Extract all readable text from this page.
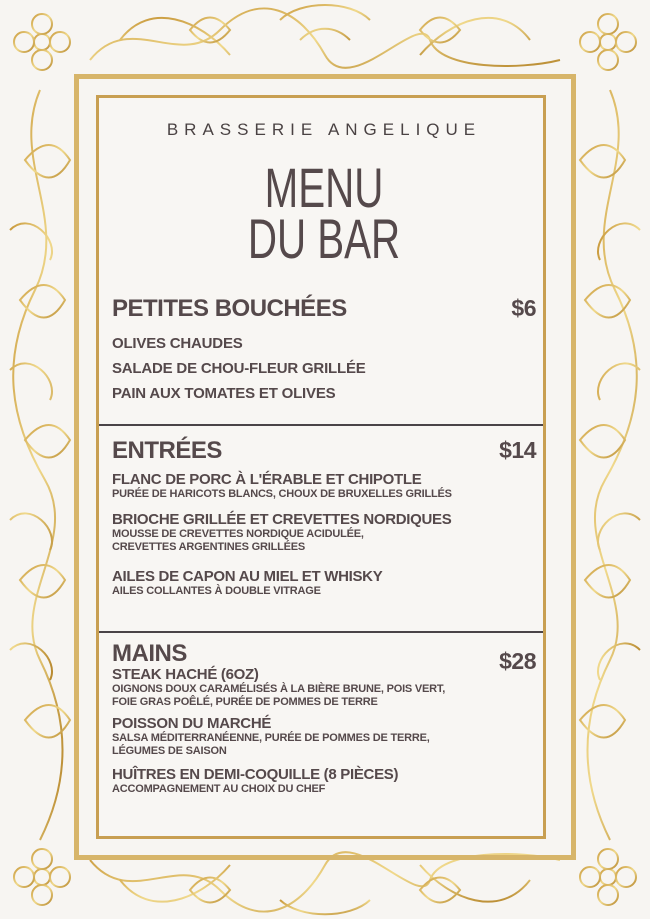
BRASSERIE ANGELIQUE
MENU
DU BAR
PETITES BOUCHÉES	$6
OLIVES CHAUDES
SALADE DE CHOU-FLEUR GRILLÉE
PAIN AUX TOMATES ET OLIVES
ENTRÉES	$14
FLANC DE PORC À L'ÉRABLE ET CHIPOTLE
PURÉE DE HARICOTS BLANCS, CHOUX DE BRUXELLES GRILLÉS
BRIOCHE GRILLÉE ET CREVETTES NORDIQUES
MOUSSE DE CREVETTES NORDIQUE ACIDULÉE,
CREVETTES ARGENTINES GRILLÉES
AILES DE CAPON AU MIEL ET WHISKY
AILES COLLANTES À DOUBLE VITRAGE
MAINS	$28
STEAK HACHÉ (6OZ)
OIGNONS DOUX CARAMÉLISÉS À LA BIÈRE BRUNE, POIS VERT,
FOIE GRAS POÊLÉ, PURÉE DE POMMES DE TERRE
POISSON DU MARCHÉ
SALSA MÉDITERRANÉENNE, PURÉE DE POMMES DE TERRE,
LÉGUMES DE SAISON
HUÎTRES EN DEMI-COQUILLE (8 PIÈCES)
ACCOMPAGNEMENT AU CHOIX DU CHEF
